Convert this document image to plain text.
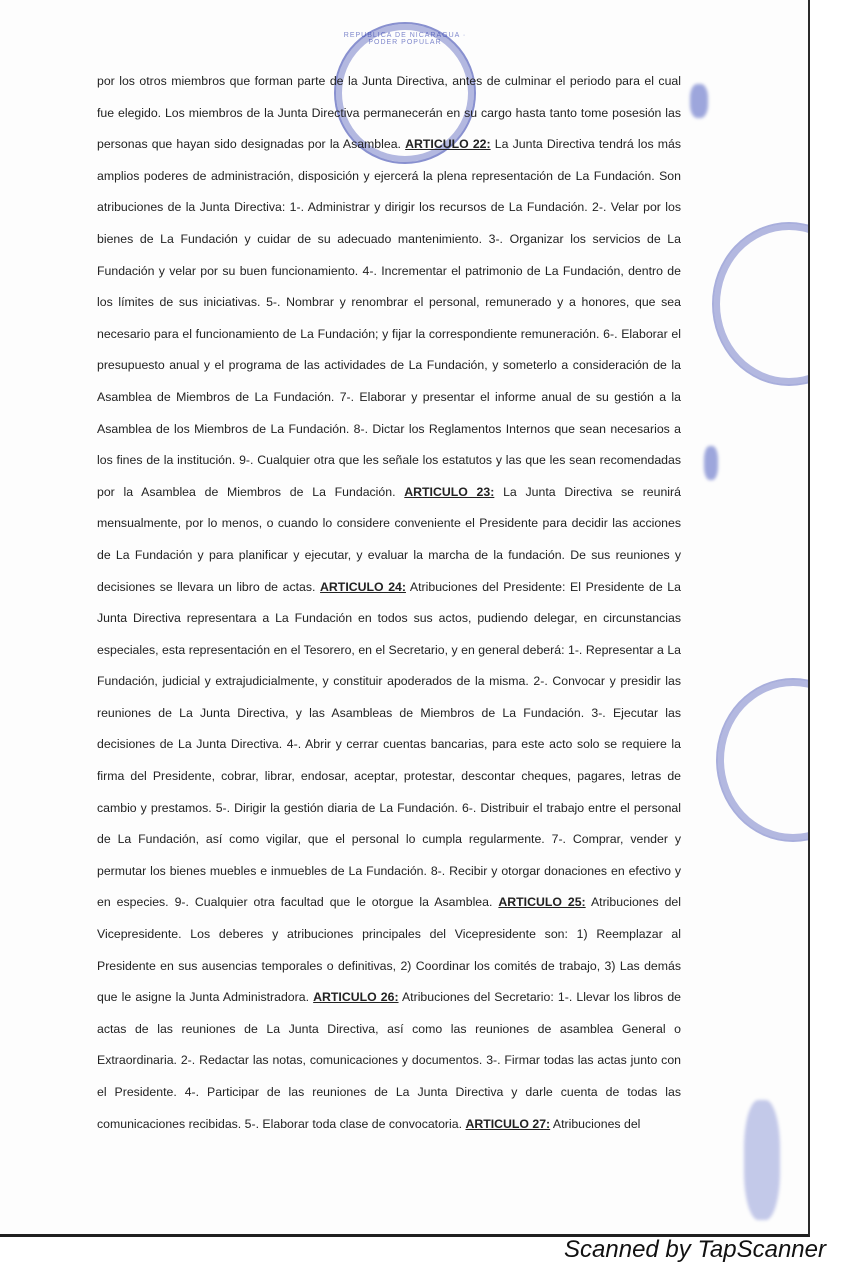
REPUBLICA DE NICARAGUA · PODER POPULAR
por los otros miembros que forman parte de la Junta Directiva, antes de culminar el periodo para el cual fue elegido. Los miembros de la Junta Directiva permanecerán en su cargo hasta tanto tome posesión las personas que hayan sido designadas por la Asamblea. ARTICULO 22: La Junta Directiva tendrá los más amplios poderes de administración, disposición y ejercerá la plena representación de La Fundación. Son atribuciones de la Junta Directiva: 1-. Administrar y dirigir los recursos de La Fundación. 2-. Velar por los bienes de La Fundación y cuidar de su adecuado mantenimiento. 3-. Organizar los servicios de La Fundación y velar por su buen funcionamiento. 4-. Incrementar el patrimonio de La Fundación, dentro de los límites de sus iniciativas. 5-. Nombrar y renombrar el personal, remunerado y a honores, que sea necesario para el funcionamiento de La Fundación; y fijar la correspondiente remuneración. 6-. Elaborar el presupuesto anual y el programa de las actividades de La Fundación, y someterlo a consideración de la Asamblea de Miembros de La Fundación. 7-. Elaborar y presentar el informe anual de su gestión a la Asamblea de los Miembros de La Fundación. 8-. Dictar los Reglamentos Internos que sean necesarios a los fines de la institución. 9-. Cualquier otra que les señale los estatutos y las que les sean recomendadas por la Asamblea de Miembros de La Fundación. ARTICULO 23: La Junta Directiva se reunirá mensualmente, por lo menos, o cuando lo considere conveniente el Presidente para decidir las acciones de La Fundación y para planificar y ejecutar, y evaluar la marcha de la fundación. De sus reuniones y decisiones se llevara un libro de actas. ARTICULO 24: Atribuciones del Presidente: El Presidente de La Junta Directiva representara a La Fundación en todos sus actos, pudiendo delegar, en circunstancias especiales, esta representación en el Tesorero, en el Secretario, y en general deberá: 1-. Representar a La Fundación, judicial y extrajudicialmente, y constituir apoderados de la misma. 2-. Convocar y presidir las reuniones de La Junta Directiva, y las Asambleas de Miembros de La Fundación. 3-. Ejecutar las decisiones de La Junta Directiva. 4-. Abrir y cerrar cuentas bancarias, para este acto solo se requiere la firma del Presidente, cobrar, librar, endosar, aceptar, protestar, descontar cheques, pagares, letras de cambio y prestamos. 5-. Dirigir la gestión diaria de La Fundación. 6-. Distribuir el trabajo entre el personal de La Fundación, así como vigilar, que el personal lo cumpla regularmente. 7-. Comprar, vender y permutar los bienes muebles e inmuebles de La Fundación. 8-. Recibir y otorgar donaciones en efectivo y en especies. 9-. Cualquier otra facultad que le otorgue la Asamblea. ARTICULO 25: Atribuciones del Vicepresidente. Los deberes y atribuciones principales del Vicepresidente son: 1) Reemplazar al Presidente en sus ausencias temporales o definitivas, 2) Coordinar los comités de trabajo, 3) Las demás que le asigne la Junta Administradora. ARTICULO 26: Atribuciones del Secretario: 1-. Llevar los libros de actas de las reuniones de La Junta Directiva, así como las reuniones de asamblea General o Extraordinaria. 2-. Redactar las notas, comunicaciones y documentos. 3-. Firmar todas las actas junto con el Presidente. 4-. Participar de las reuniones de La Junta Directiva y darle cuenta de todas las comunicaciones recibidas. 5-. Elaborar toda clase de convocatoria. ARTICULO 27: Atribuciones del
Scanned by TapScanner
